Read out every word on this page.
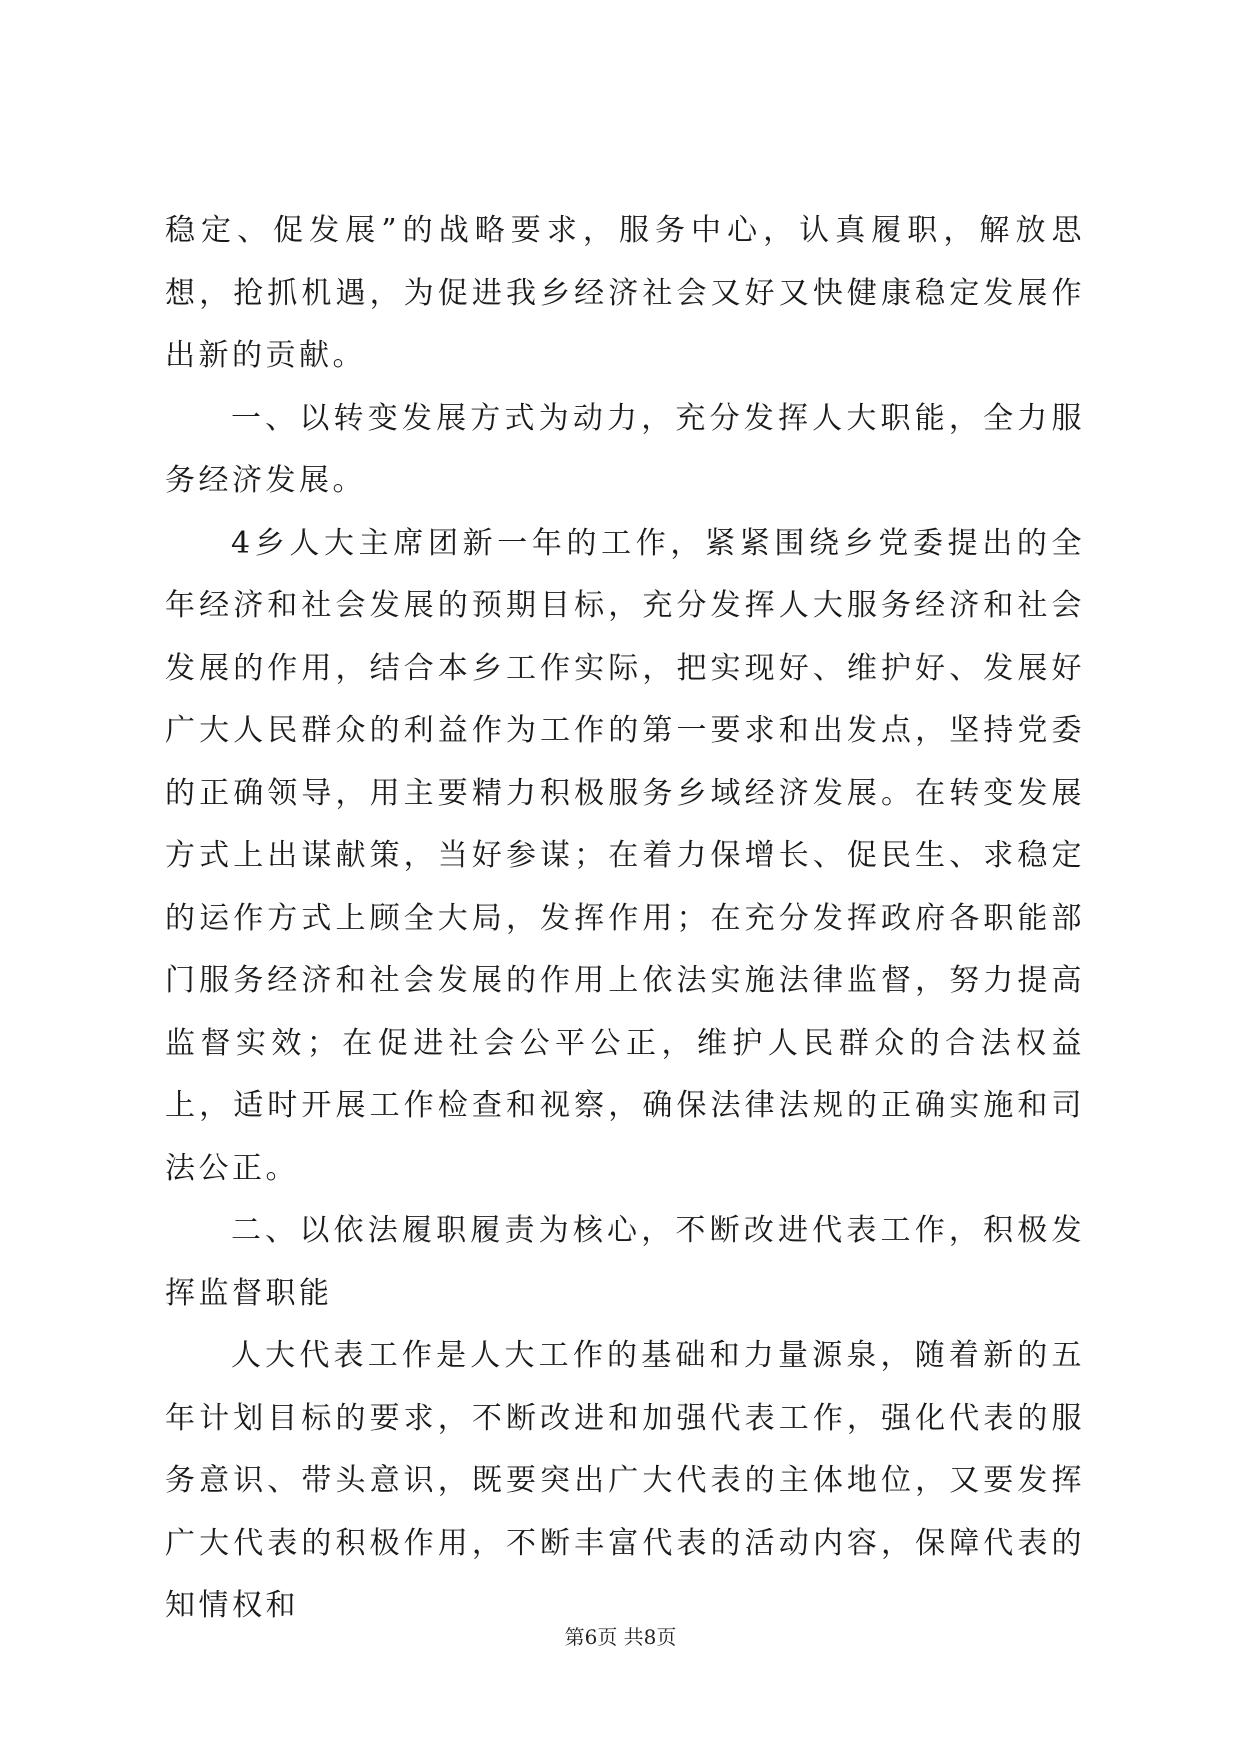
稳定、促发展”的战略要求，服务中心，认真履职，解放思想，抢抓机遇，为促进我乡经济社会又好又快健康稳定发展作出新的贡献。

一、以转变发展方式为动力，充分发挥人大职能，全力服务经济发展。

4乡人大主席团新一年的工作，紧紧围绕乡党委提出的全年经济和社会发展的预期目标，充分发挥人大服务经济和社会发展的作用，结合本乡工作实际，把实现好、维护好、发展好广大人民群众的利益作为工作的第一要求和出发点，坚持党委的正确领导，用主要精力积极服务乡域经济发展。在转变发展方式上出谋献策，当好参谋；在着力保增长、促民生、求稳定的运作方式上顾全大局，发挥作用；在充分发挥政府各职能部门服务经济和社会发展的作用上依法实施法律监督，努力提高监督实效；在促进社会公平公正，维护人民群众的合法权益上，适时开展工作检查和视察，确保法律法规的正确实施和司法公正。

二、以依法履职履责为核心，不断改进代表工作，积极发挥监督职能

人大代表工作是人大工作的基础和力量源泉，随着新的五年计划目标的要求，不断改进和加强代表工作，强化代表的服务意识、带头意识，既要突出广大代表的主体地位，又要发挥广大代表的积极作用，不断丰富代表的活动内容，保障代表的知情权和

第6页 共8页
